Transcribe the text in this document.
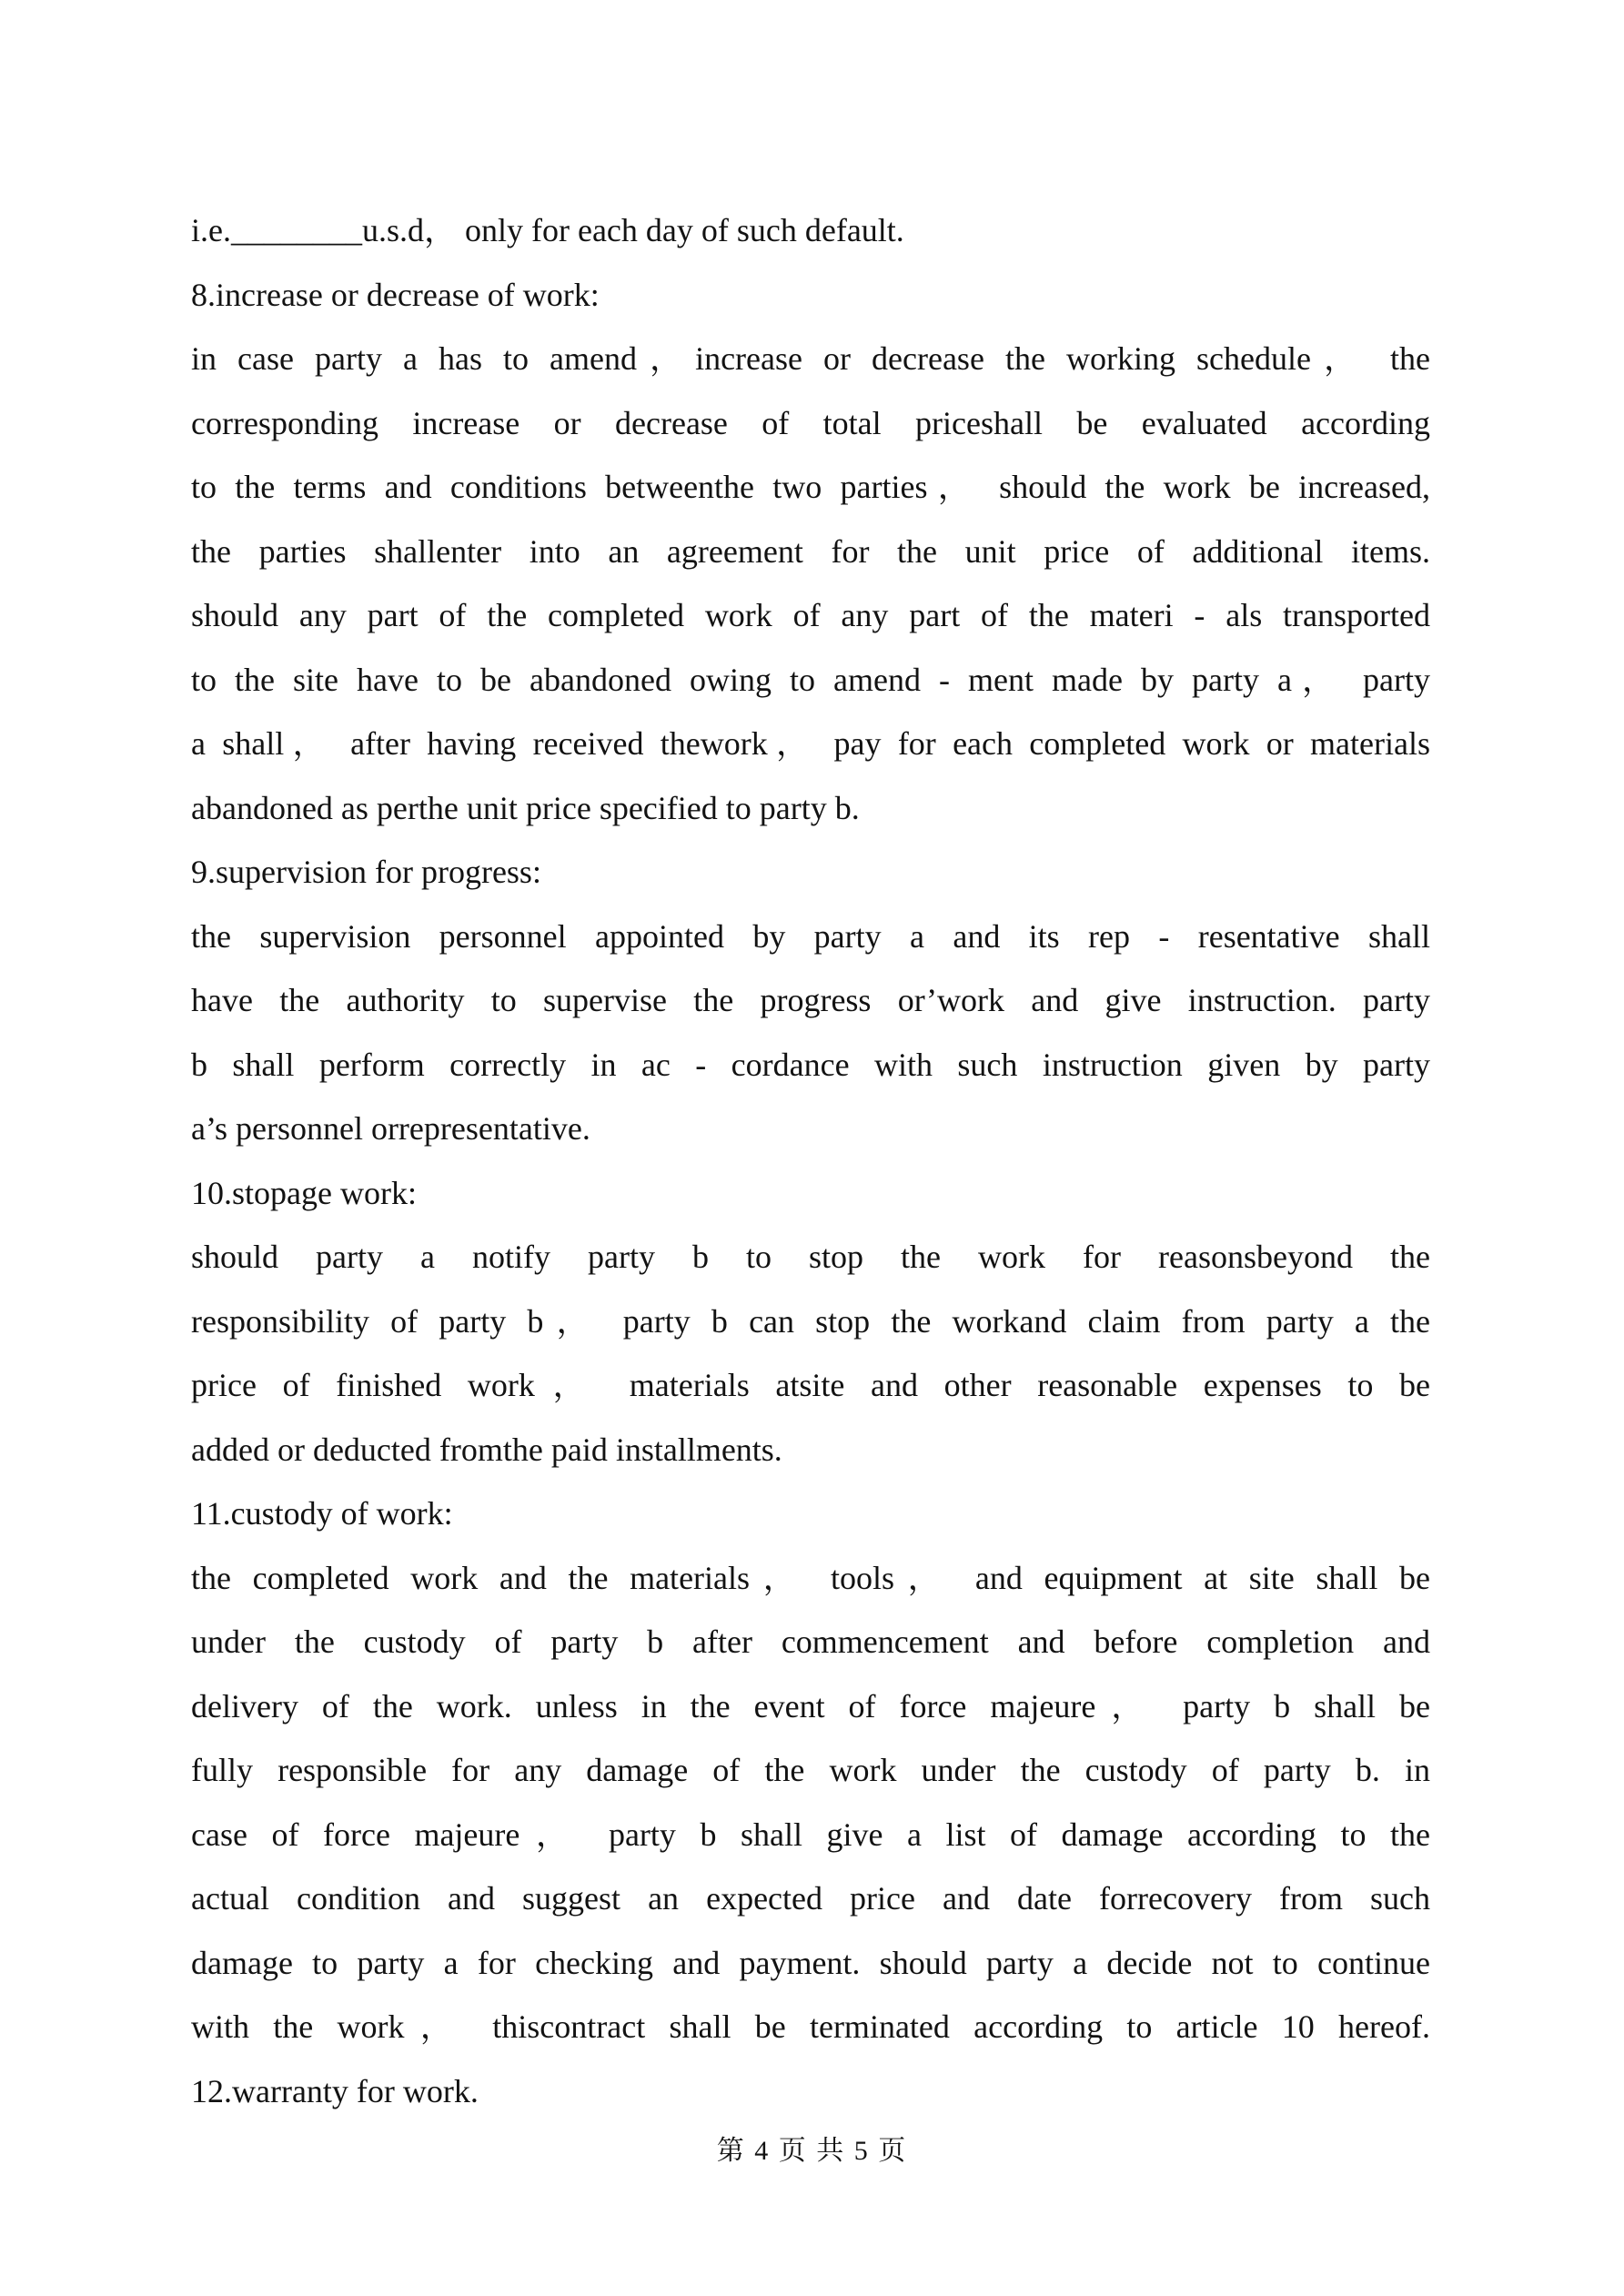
i.e.________u.s.d， only for each day of such default.
8.increase or decrease of work:
in case party a has to amend，increase or decrease the working schedule， the
corresponding increase or decrease of total priceshall be evaluated according
to the terms and conditions betweenthe two parties， should the work be increased,
the parties shallenter into an agreement for the unit price of additional items.
should any part of the completed work of any part of the materi - als transported
to the site have to be abandoned owing to amend - ment made by party a， party
a shall， after having received thework， pay for each completed work or materials
abandoned as perthe unit price specified to party b.
9.supervision for progress:
the supervision personnel appointed by party a and its rep - resentative shall
have the authority to supervise the progress or’work and give instruction. party
b shall perform correctly in ac - cordance with such instruction given by party
a’s personnel orrepresentative.
10.stopage work:
should party a notify party b to stop the work for reasonsbeyond the
responsibility of party b， party b can stop the workand claim from party a the
price of finished work， materials atsite and other reasonable expenses to be
added or deducted fromthe paid installments.
11.custody of work:
the completed work and the materials， tools， and equipment at site shall be
under the custody of party b after commencement and before completion and
delivery of the work. unless in the event of force majeure， party b shall be
fully responsible for any damage of the work under the custody of party b. in
case of force majeure， party b shall give a list of damage according to the
actual condition and suggest an expected price and date forrecovery from such
damage to party a for checking and payment. should party a decide not to continue
with the work， thiscontract shall be terminated according to article 10 hereof.
12.warranty for work.
第 4 页 共 5 页
